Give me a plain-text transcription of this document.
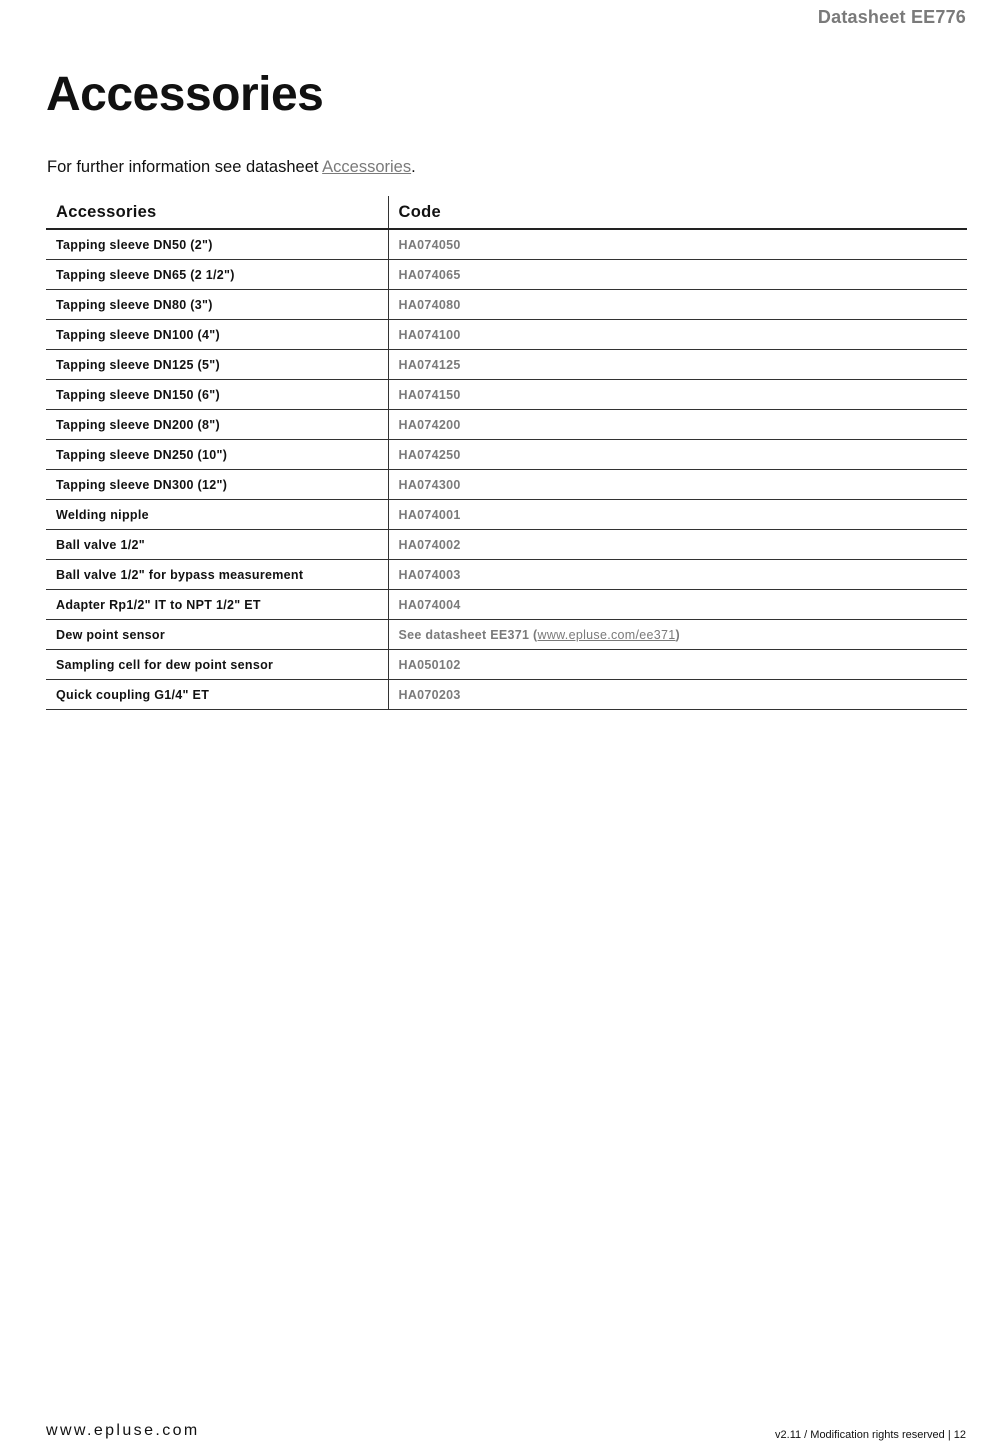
Datasheet EE776
Accessories
For further information see datasheet Accessories.
Accessories	Code
Tapping sleeve DN50 (2")	HA074050
Tapping sleeve DN65 (2 1/2")	HA074065
Tapping sleeve DN80 (3")	HA074080
Tapping sleeve DN100 (4")	HA074100
Tapping sleeve DN125 (5")	HA074125
Tapping sleeve DN150 (6")	HA074150
Tapping sleeve DN200 (8")	HA074200
Tapping sleeve DN250 (10")	HA074250
Tapping sleeve DN300 (12")	HA074300
Welding nipple	HA074001
Ball valve 1/2"	HA074002
Ball valve 1/2" for bypass measurement	HA074003
Adapter Rp1/2" IT to NPT 1/2" ET	HA074004
Dew point sensor	See datasheet EE371 (www.epluse.com/ee371)
Sampling cell for dew point sensor	HA050102
Quick coupling G1/4" ET	HA070203
www.epluse.com	v2.11 / Modification rights reserved | 12
